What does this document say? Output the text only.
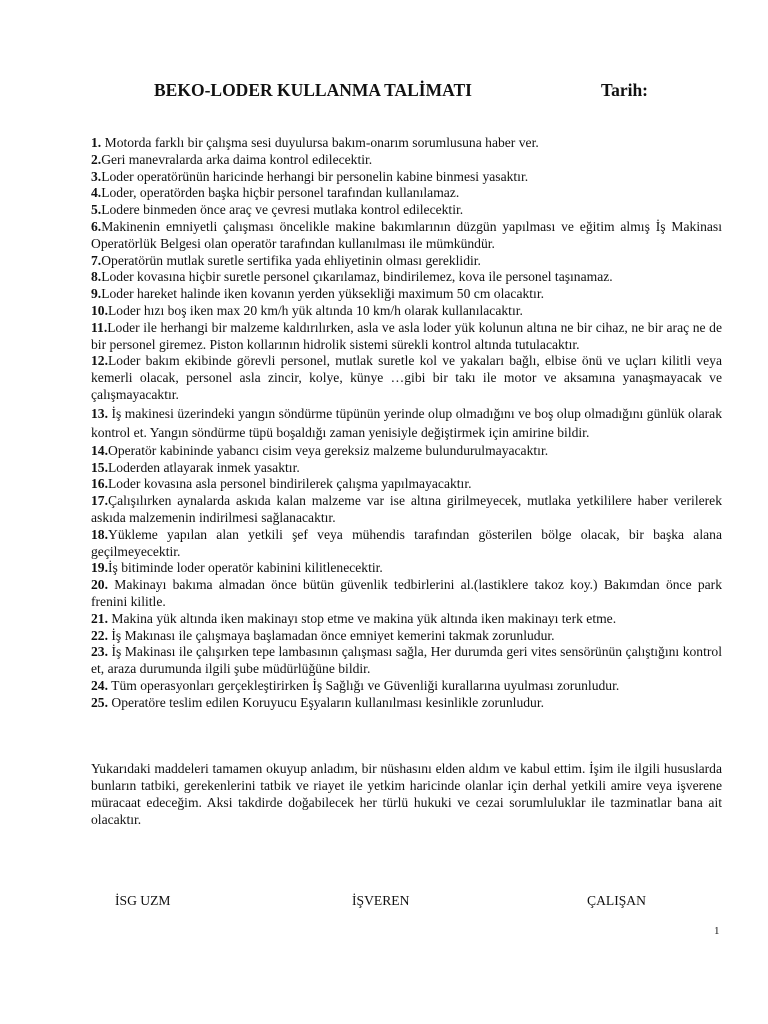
BEKO-LODER KULLANMA TALİMATI	Tarih:
1. Motorda farklı bir çalışma sesi duyulursa bakım-onarım sorumlusuna haber ver.
2.Geri manevralarda arka daima kontrol edilecektir.
3.Loder operatörünün haricinde herhangi bir personelin kabine binmesi yasaktır.
4.Loder, operatörden başka hiçbir personel tarafından kullanılamaz.
5.Lodere binmeden önce araç ve çevresi mutlaka kontrol edilecektir.
6.Makinenin emniyetli çalışması öncelikle makine bakımlarının düzgün yapılması ve eğitim almış İş Makinası Operatörlük Belgesi olan operatör tarafından kullanılması ile mümkündür.
7.Operatörün mutlak suretle sertifika yada ehliyetinin olması gereklidir.
8.Loder kovasına hiçbir suretle personel çıkarılamaz, bindirilemez, kova ile personel taşınamaz.
9.Loder hareket halinde iken kovanın yerden yüksekliği maximum 50 cm olacaktır.
10.Loder hızı boş iken max 20 km/h yük altında 10 km/h olarak kullanılacaktır.
11.Loder ile herhangi bir malzeme kaldırılırken, asla ve asla loder yük kolunun altına ne bir cihaz, ne bir araç ne de bir personel giremez. Piston kollarının hidrolik sistemi sürekli kontrol altında tutulacaktır.
12.Loder bakım ekibinde görevli personel, mutlak suretle kol ve yakaları bağlı, elbise önü ve uçları kilitli veya kemerli olacak, personel asla zincir, kolye, künye …gibi bir takı ile motor ve aksamına yanaşmayacak ve çalışmayacaktır.
13. İş makinesi üzerindeki yangın söndürme tüpünün yerinde olup olmadığını ve boş olup olmadığını günlük olarak kontrol et. Yangın söndürme tüpü boşaldığı zaman yenisiyle değiştirmek için amirine bildir.
14.Operatör kabininde yabancı cisim veya gereksiz malzeme bulundurulmayacaktır.
15.Loderden atlayarak inmek yasaktır.
16.Loder kovasına asla personel bindirilerek çalışma yapılmayacaktır.
17.Çalışılırken aynalarda askıda kalan malzeme var ise altına girilmeyecek, mutlaka yetkililere haber verilerek askıda malzemenin indirilmesi sağlanacaktır.
18.Yükleme yapılan alan yetkili şef veya mühendis tarafından gösterilen bölge olacak, bir başka alana geçilmeyecektir.
19.İş bitiminde loder operatör kabinini kilitlenecektir.
20. Makinayı bakıma almadan önce bütün güvenlik tedbirlerini al.(lastiklere takoz koy.) Bakımdan önce park frenini kilitle.
21. Makina yük altında iken makinayı stop etme ve makina yük altında iken makinayı terk etme.
22. İş Makınası ile çalışmaya başlamadan önce emniyet kemerini takmak zorunludur.
23. İş Makinası ile çalışırken tepe lambasının çalışması sağla, Her durumda geri vites sensörünün çalıştığını kontrol et, araza durumunda ilgili şube müdürlüğüne bildir.
24. Tüm operasyonları gerçekleştirirken İş Sağlığı ve Güvenliği kurallarına uyulması zorunludur.
25. Operatöre teslim edilen Koruyucu Eşyaların kullanılması kesinlikle zorunludur.

Yukarıdaki maddeleri tamamen okuyup anladım, bir nüshasını elden aldım ve kabul ettim. İşim ile ilgili hususlarda bunların tatbiki, gerekenlerini tatbik ve riayet ile yetkim haricinde olanlar için derhal yetkili amire veya işverene müracaat edeceğim. Aksi takdirde doğabilecek her türlü hukuki ve cezai sorumluluklar ile tazminatlar bana ait olacaktır.

İSG UZM	İŞVEREN	ÇALIŞAN
1
